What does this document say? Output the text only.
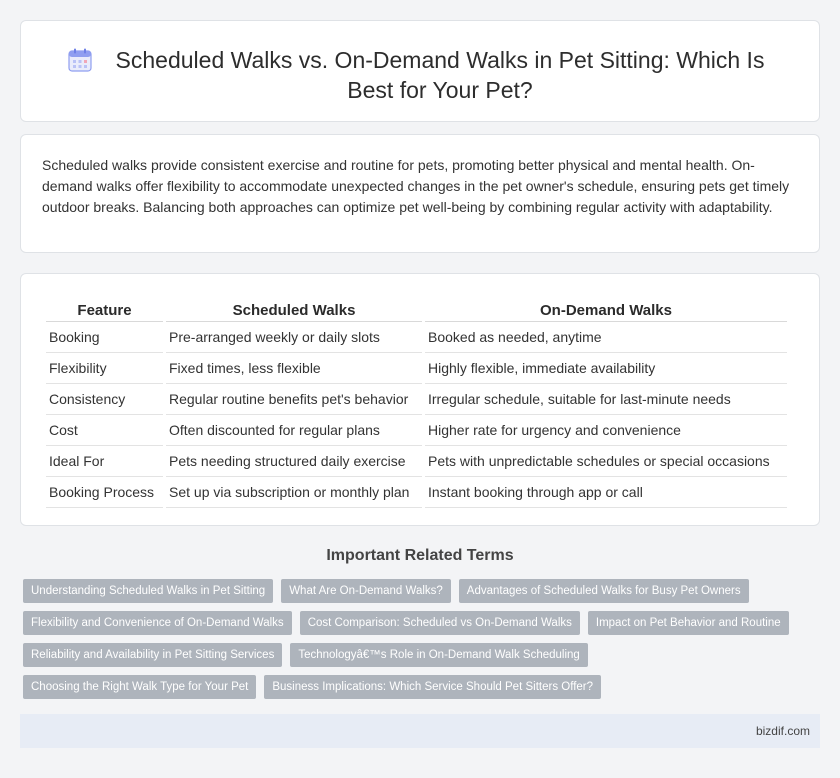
Scheduled Walks vs. On-Demand Walks in Pet Sitting: Which Is Best for Your Pet?

Scheduled walks provide consistent exercise and routine for pets, promoting better physical and mental health. On-demand walks offer flexibility to accommodate unexpected changes in the pet owner's schedule, ensuring pets get timely outdoor breaks. Balancing both approaches can optimize pet well-being by combining regular activity with adaptability.

Feature	Scheduled Walks	On-Demand Walks
Booking	Pre-arranged weekly or daily slots	Booked as needed, anytime
Flexibility	Fixed times, less flexible	Highly flexible, immediate availability
Consistency	Regular routine benefits pet's behavior	Irregular schedule, suitable for last-minute needs
Cost	Often discounted for regular plans	Higher rate for urgency and convenience
Ideal For	Pets needing structured daily exercise	Pets with unpredictable schedules or special occasions
Booking Process	Set up via subscription or monthly plan	Instant booking through app or call
Important Related Terms
Understanding Scheduled Walks in Pet Sitting	What Are On-Demand Walks?	Advantages of Scheduled Walks for Busy Pet Owners
Flexibility and Convenience of On-Demand Walks	Cost Comparison: Scheduled vs On-Demand Walks	Impact on Pet Behavior and Routine
Reliability and Availability in Pet Sitting Services	Technologyâ€™s Role in On-Demand Walk Scheduling
Choosing the Right Walk Type for Your Pet	Business Implications: Which Service Should Pet Sitters Offer?
bizdif.com
